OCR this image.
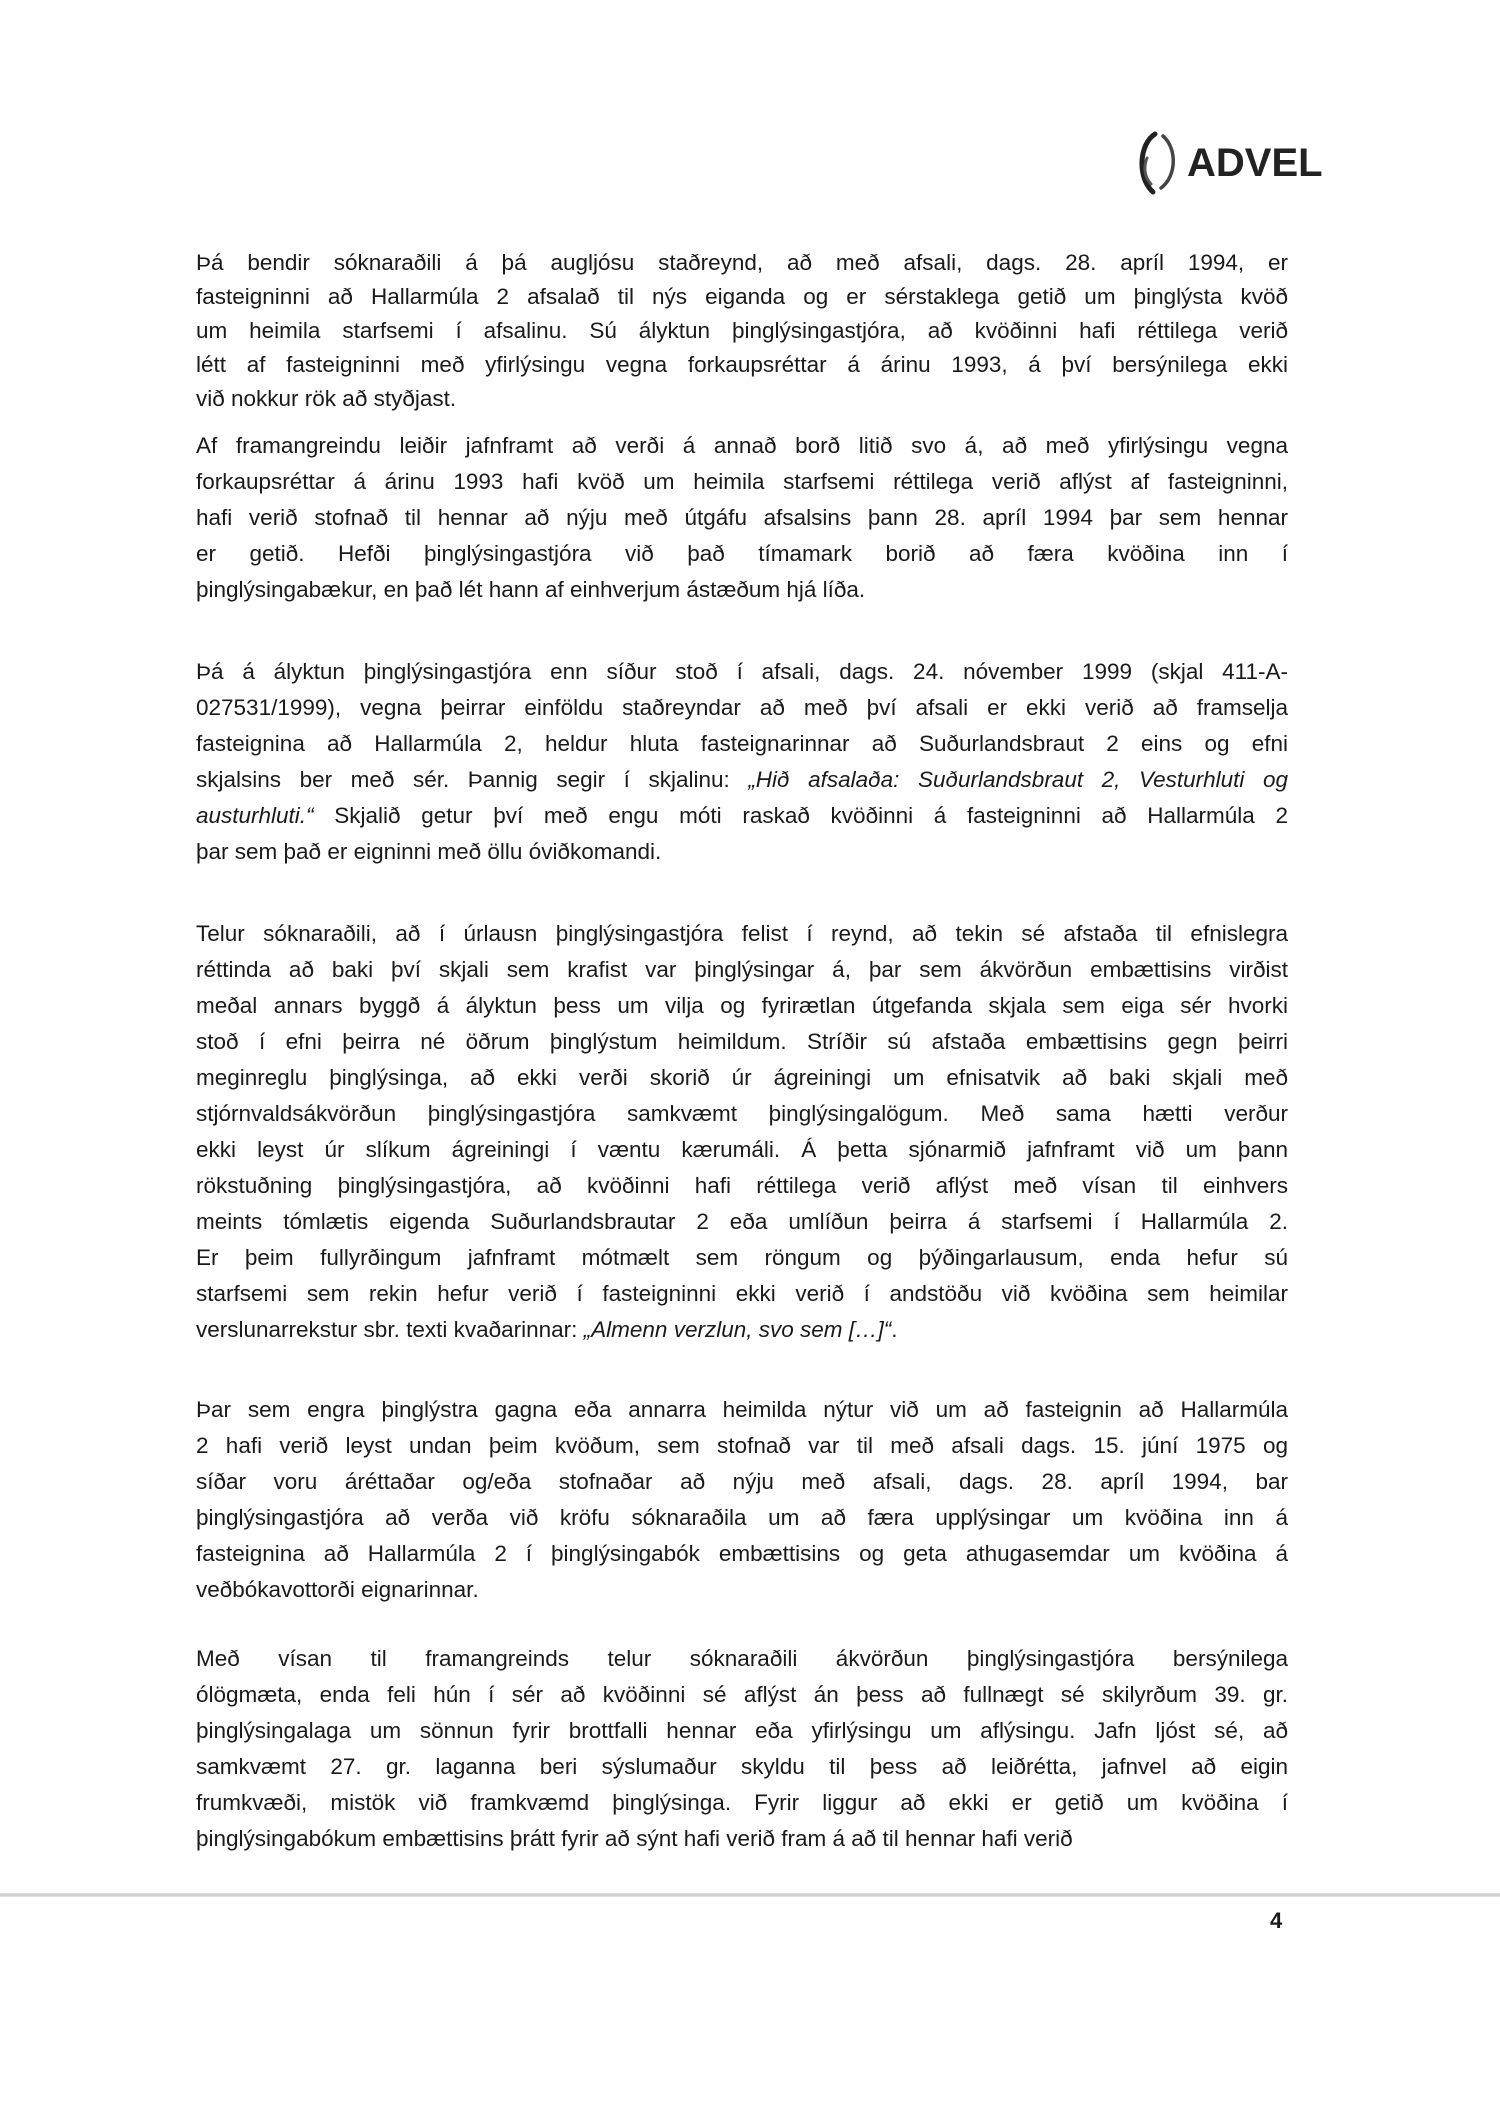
ADVEL
Þá bendir sóknaraðili á þá augljósu staðreynd, að með afsali, dags. 28. apríl 1994, er
fasteigninni að Hallarmúla 2 afsalað til nýs eiganda og er sérstaklega getið um þinglýsta kvöð
um heimila starfsemi í afsalinu. Sú ályktun þinglýsingastjóra, að kvöðinni hafi réttilega verið
létt af fasteigninni með yfirlýsingu vegna forkaupsréttar á árinu 1993, á því bersýnilega ekki
við nokkur rök að styðjast.
Af framangreindu leiðir jafnframt að verði á annað borð litið svo á, að með yfirlýsingu vegna
forkaupsréttar á árinu 1993 hafi kvöð um heimila starfsemi réttilega verið aflýst af fasteigninni,
hafi verið stofnað til hennar að nýju með útgáfu afsalsins þann 28. apríl 1994 þar sem hennar
er getið. Hefði þinglýsingastjóra við það tímamark borið að færa kvöðina inn í
þinglýsingabækur, en það lét hann af einhverjum ástæðum hjá líða.
Þá á ályktun þinglýsingastjóra enn síður stoð í afsali, dags. 24. nóvember 1999 (skjal 411-A-
027531/1999), vegna þeirrar einföldu staðreyndar að með því afsali er ekki verið að framselja
fasteignina að Hallarmúla 2, heldur hluta fasteignarinnar að Suðurlandsbraut 2 eins og efni
skjalsins ber með sér. Þannig segir í skjalinu: „Hið afsalaða: Suðurlandsbraut 2, Vesturhluti og
austurhluti.“ Skjalið getur því með engu móti raskað kvöðinni á fasteigninni að Hallarmúla 2
þar sem það er eigninni með öllu óviðkomandi.
Telur sóknaraðili, að í úrlausn þinglýsingastjóra felist í reynd, að tekin sé afstaða til efnislegra
réttinda að baki því skjali sem krafist var þinglýsingar á, þar sem ákvörðun embættisins virðist
meðal annars byggð á ályktun þess um vilja og fyrirætlan útgefanda skjala sem eiga sér hvorki
stoð í efni þeirra né öðrum þinglýstum heimildum. Stríðir sú afstaða embættisins gegn þeirri
meginreglu þinglýsinga, að ekki verði skorið úr ágreiningi um efnisatvik að baki skjali með
stjórnvaldsákvörðun þinglýsingastjóra samkvæmt þinglýsingalögum. Með sama hætti verður
ekki leyst úr slíkum ágreiningi í væntu kærumáli. Á þetta sjónarmið jafnframt við um þann
rökstuðning þinglýsingastjóra, að kvöðinni hafi réttilega verið aflýst með vísan til einhvers
meints tómlætis eigenda Suðurlandsbrautar 2 eða umlíðun þeirra á starfsemi í Hallarmúla 2.
Er þeim fullyrðingum jafnframt mótmælt sem röngum og þýðingarlausum, enda hefur sú
starfsemi sem rekin hefur verið í fasteigninni ekki verið í andstöðu við kvöðina sem heimilar
verslunarrekstur sbr. texti kvaðarinnar: „Almenn verzlun, svo sem […]“.
Þar sem engra þinglýstra gagna eða annarra heimilda nýtur við um að fasteignin að Hallarmúla
2 hafi verið leyst undan þeim kvöðum, sem stofnað var til með afsali dags. 15. júní 1975 og
síðar voru áréttaðar og/eða stofnaðar að nýju með afsali, dags. 28. apríl 1994, bar
þinglýsingastjóra að verða við kröfu sóknaraðila um að færa upplýsingar um kvöðina inn á
fasteignina að Hallarmúla 2 í þinglýsingabók embættisins og geta athugasemdar um kvöðina á
veðbókavottorði eignarinnar.
Með vísan til framangreinds telur sóknaraðili ákvörðun þinglýsingastjóra bersýnilega
ólögmæta, enda feli hún í sér að kvöðinni sé aflýst án þess að fullnægt sé skilyrðum 39. gr.
þinglýsingalaga um sönnun fyrir brottfalli hennar eða yfirlýsingu um aflýsingu. Jafn ljóst sé, að
samkvæmt 27. gr. laganna beri sýslumaður skyldu til þess að leiðrétta, jafnvel að eigin
frumkvæði, mistök við framkvæmd þinglýsinga. Fyrir liggur að ekki er getið um kvöðina í
þinglýsingabókum embættisins þrátt fyrir að sýnt hafi verið fram á að til hennar hafi verið
4
